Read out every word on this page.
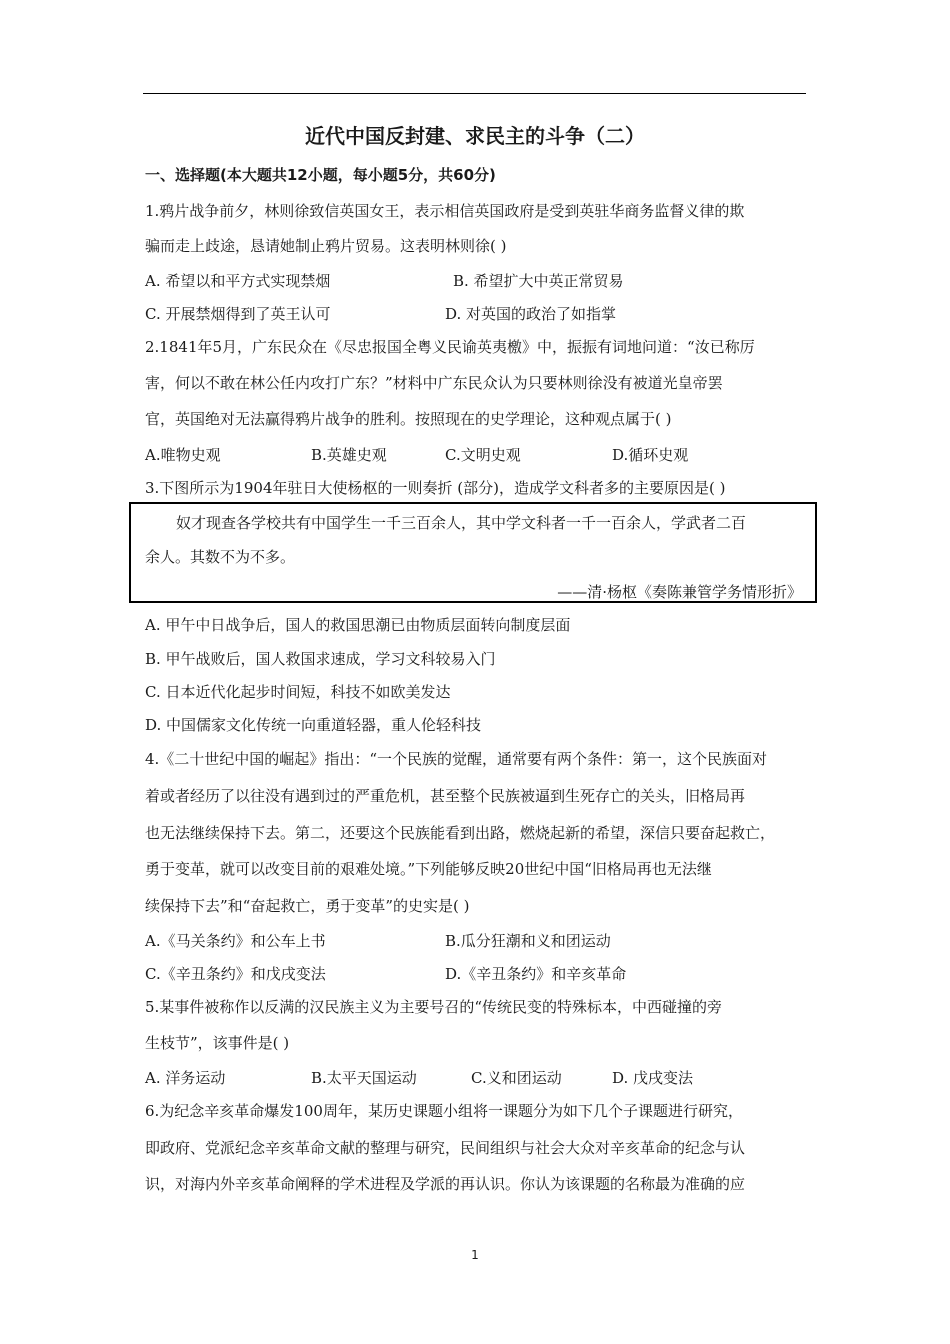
近代中国反封建、求民主的斗争（二）
一、选择题(本大题共12小题，每小题5分，共60分)
1.鸦片战争前夕，林则徐致信英国女王，表示相信英国政府是受到英驻华商务监督义律的欺
骗而走上歧途，恳请她制止鸦片贸易。这表明林则徐( )
A. 希望以和平方式实现禁烟	B. 希望扩大中英正常贸易
C. 开展禁烟得到了英王认可	D. 对英国的政治了如指掌
2.1841年5月，广东民众在《尽忠报国全粤义民谕英夷檄》中，振振有词地问道：“汝已称厉
害，何以不敢在林公任内攻打广东？”材料中广东民众认为只要林则徐没有被道光皇帝罢
官，英国绝对无法赢得鸦片战争的胜利。按照现在的史学理论，这种观点属于( )
A.唯物史观	B.英雄史观	C.文明史观	D.循环史观
3.下图所示为1904年驻日大使杨枢的一则奏折 (部分)，造成学文科者多的主要原因是( )
奴才现查各学校共有中国学生一千三百余人，其中学文科者一千一百余人，学武者二百
余人。其数不为不多。
——清·杨枢《奏陈兼管学务情形折》
A. 甲午中日战争后，国人的救国思潮已由物质层面转向制度层面
B. 甲午战败后，国人救国求速成，学习文科较易入门
C. 日本近代化起步时间短，科技不如欧美发达
D. 中国儒家文化传统一向重道轻器，重人伦轻科技
4.《二十世纪中国的崛起》指出：“一个民族的觉醒，通常要有两个条件：第一，这个民族面对
着或者经历了以往没有遇到过的严重危机，甚至整个民族被逼到生死存亡的关头，旧格局再
也无法继续保持下去。第二，还要这个民族能看到出路，燃烧起新的希望，深信只要奋起救亡，
勇于变革，就可以改变目前的艰难处境。”下列能够反映20世纪中国“旧格局再也无法继
续保持下去”和“奋起救亡，勇于变革”的史实是( )
A.《马关条约》和公车上书	B.瓜分狂潮和义和团运动
C.《辛丑条约》和戊戌变法	D.《辛丑条约》和辛亥革命
5.某事件被称作以反满的汉民族主义为主要号召的“传统民变的特殊标本，中西碰撞的旁
生枝节”，该事件是( )
A. 洋务运动	B.太平天国运动	C.义和团运动	D. 戊戌变法
6.为纪念辛亥革命爆发100周年，某历史课题小组将一课题分为如下几个子课题进行研究，
即政府、党派纪念辛亥革命文献的整理与研究，民间组织与社会大众对辛亥革命的纪念与认
识，对海内外辛亥革命阐释的学术进程及学派的再认识。你认为该课题的名称最为准确的应
1
